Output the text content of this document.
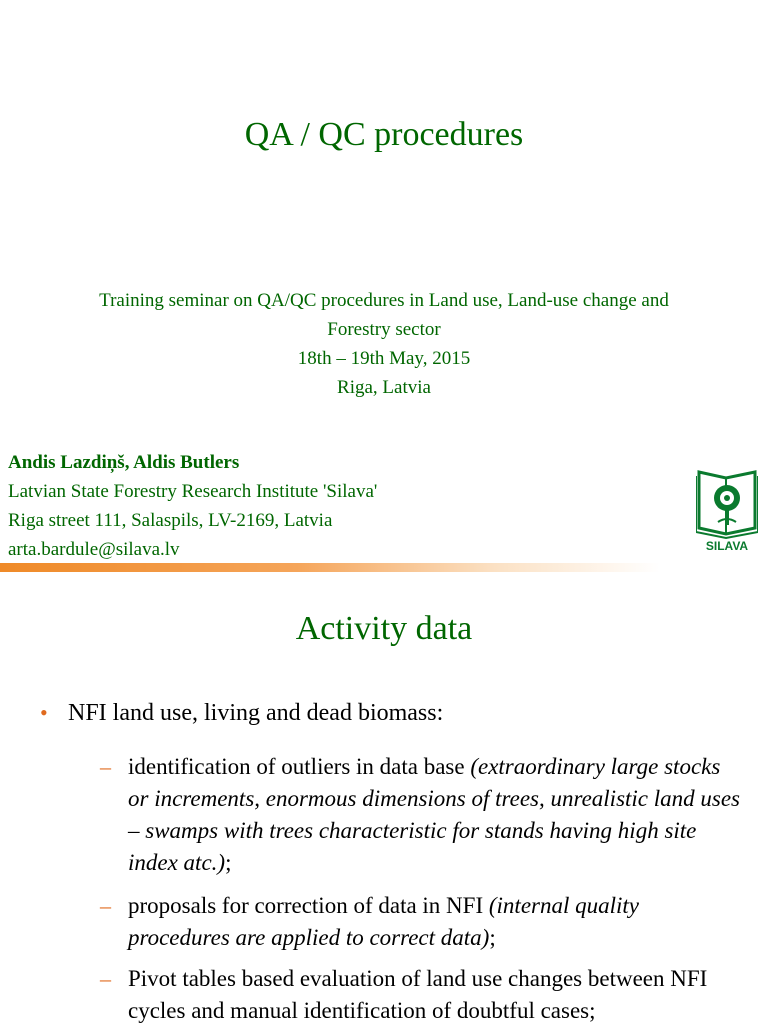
QA / QC procedures
Training seminar on QA/QC procedures in Land use, Land-use change and
Forestry sector
18th – 19th May, 2015
Riga, Latvia
Andis Lazdiņš, Aldis Butlers
Latvian State Forestry Research Institute 'Silava'
Riga street 111, Salaspils, LV-2169, Latvia
arta.bardule@silava.lv	SILAVA
Activity data
• NFI land use, living and dead biomass:
– identification of outliers in data base (extraordinary large stocks or increments, enormous dimensions of trees, unrealistic land uses – swamps with trees characteristic for stands having high site index atc.);
– proposals for correction of data in NFI (internal quality procedures are applied to correct data);
– Pivot tables based evaluation of land use changes between NFI cycles and manual identification of doubtful cases;
